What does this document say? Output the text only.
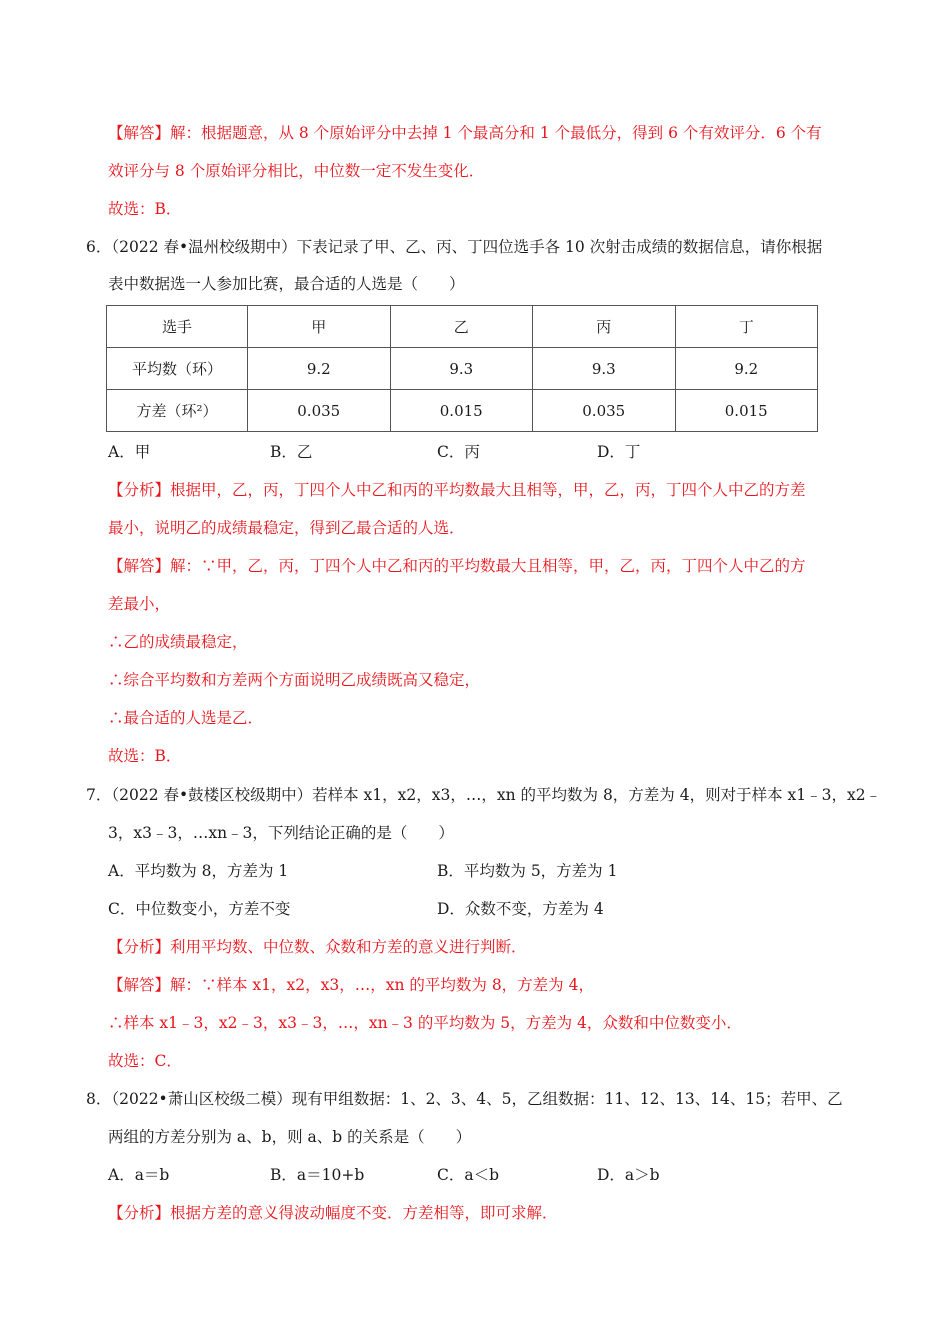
【解答】解：根据题意，从 8 个原始评分中去掉 1 个最高分和 1 个最低分，得到 6 个有效评分．6 个有
效评分与 8 个原始评分相比，中位数一定不发生变化．
故选：B．
6．（2022 春•温州校级期中）下表记录了甲、乙、丙、丁四位选手各 10 次射击成绩的数据信息，请你根据
表中数据选一人参加比赛，最合适的人选是（　　）
选手	甲	乙	丙	丁
平均数（环）	9.2	9.3	9.3	9.2
方差（环²）	0.035	0.015	0.035	0.015
A．甲	B．乙	C．丙	D．丁
【分析】根据甲，乙，丙，丁四个人中乙和丙的平均数最大且相等，甲，乙，丙，丁四个人中乙的方差
最小，说明乙的成绩最稳定，得到乙最合适的人选．
【解答】解：∵甲，乙，丙，丁四个人中乙和丙的平均数最大且相等，甲，乙，丙，丁四个人中乙的方
差最小，
∴乙的成绩最稳定，
∴综合平均数和方差两个方面说明乙成绩既高又稳定，
∴最合适的人选是乙．
故选：B．
7．（2022 春•鼓楼区校级期中）若样本 x1，x2，x3，…，xn 的平均数为 8，方差为 4，则对于样本 x1﹣3，x2﹣
3，x3﹣3，…xn﹣3，下列结论正确的是（　　）
A．平均数为 8，方差为 1	B．平均数为 5，方差为 1
C．中位数变小，方差不变	D．众数不变，方差为 4
【分析】利用平均数、中位数、众数和方差的意义进行判断．
【解答】解：∵样本 x1，x2，x3，…，xn 的平均数为 8，方差为 4，
∴样本 x1﹣3，x2﹣3，x3﹣3，…，xn﹣3 的平均数为 5，方差为 4，众数和中位数变小．
故选：C．
8．（2022•萧山区校级二模）现有甲组数据：1、2、3、4、5，乙组数据：11、12、13、14、15；若甲、乙
两组的方差分别为 a、b，则 a、b 的关系是（　　）
A．a＝b	B．a＝10+b	C．a＜b	D．a＞b
【分析】根据方差的意义得波动幅度不变．方差相等，即可求解．
